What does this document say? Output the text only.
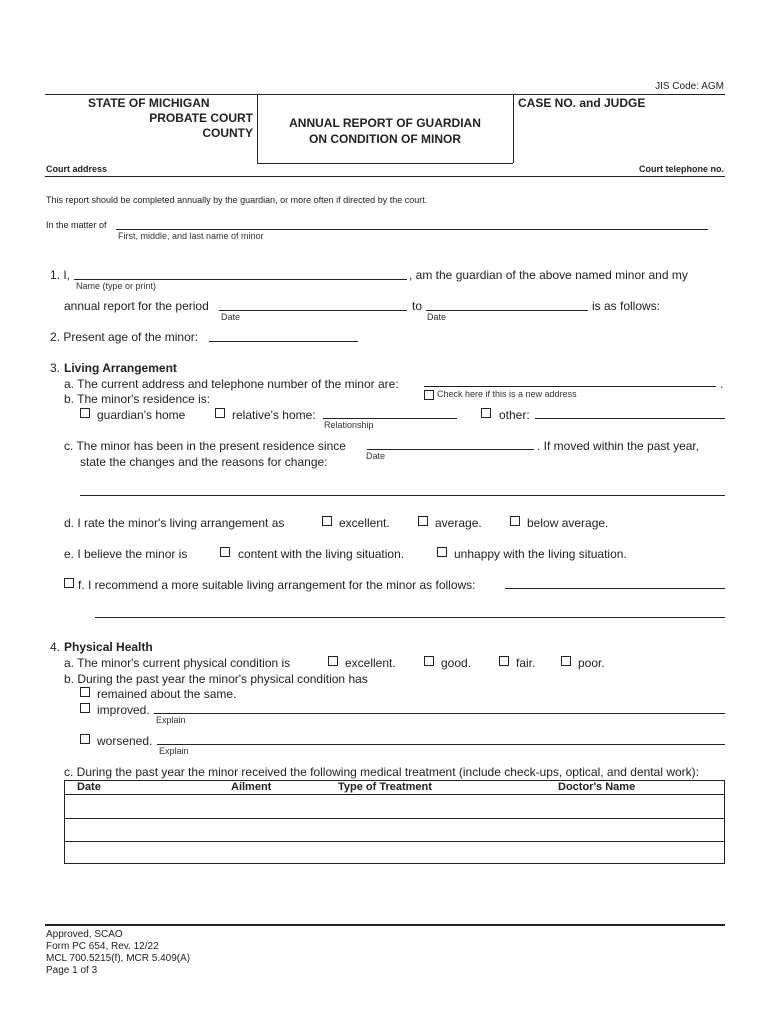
JIS Code: AGM
STATE OF MICHIGAN
PROBATE COURT
COUNTY
ANNUAL REPORT OF GUARDIAN
ON CONDITION OF MINOR
CASE NO. and JUDGE
Court address	Court telephone no.
This report should be completed annually by the guardian, or more often if directed by the court.
In the matter of
First, middle, and last name of minor
1. I,
Name (type or print)
, am the guardian of the above named minor and my
annual report for the period
Date
to
Date
is as follows:
2. Present age of the minor:
3. Living Arrangement
a. The current address and telephone number of the minor are:	.
Check here if this is a new address
b. The minor's residence is:
guardian's home	relative's home:
Relationship
other:
c. The minor has been in the present residence since	. If moved within the past year,
state the changes and the reasons for change:	Date
d. I rate the minor's living arrangement as	excellent.	average.	below average.
e. I believe the minor is	content with the living situation.	unhappy with the living situation.
f. I recommend a more suitable living arrangement for the minor as follows:
4. Physical Health
a. The minor's current physical condition is	excellent.	good.	fair.	poor.
b. During the past year the minor's physical condition has
remained about the same.
improved.
Explain
worsened.
Explain
c. During the past year the minor received the following medical treatment (include check-ups, optical, and dental work):
Date	Ailment	Type of Treatment	Doctor's Name
Approved, SCAO
Form PC 654, Rev. 12/22
MCL 700.5215(f), MCR 5.409(A)
Page 1 of 3
